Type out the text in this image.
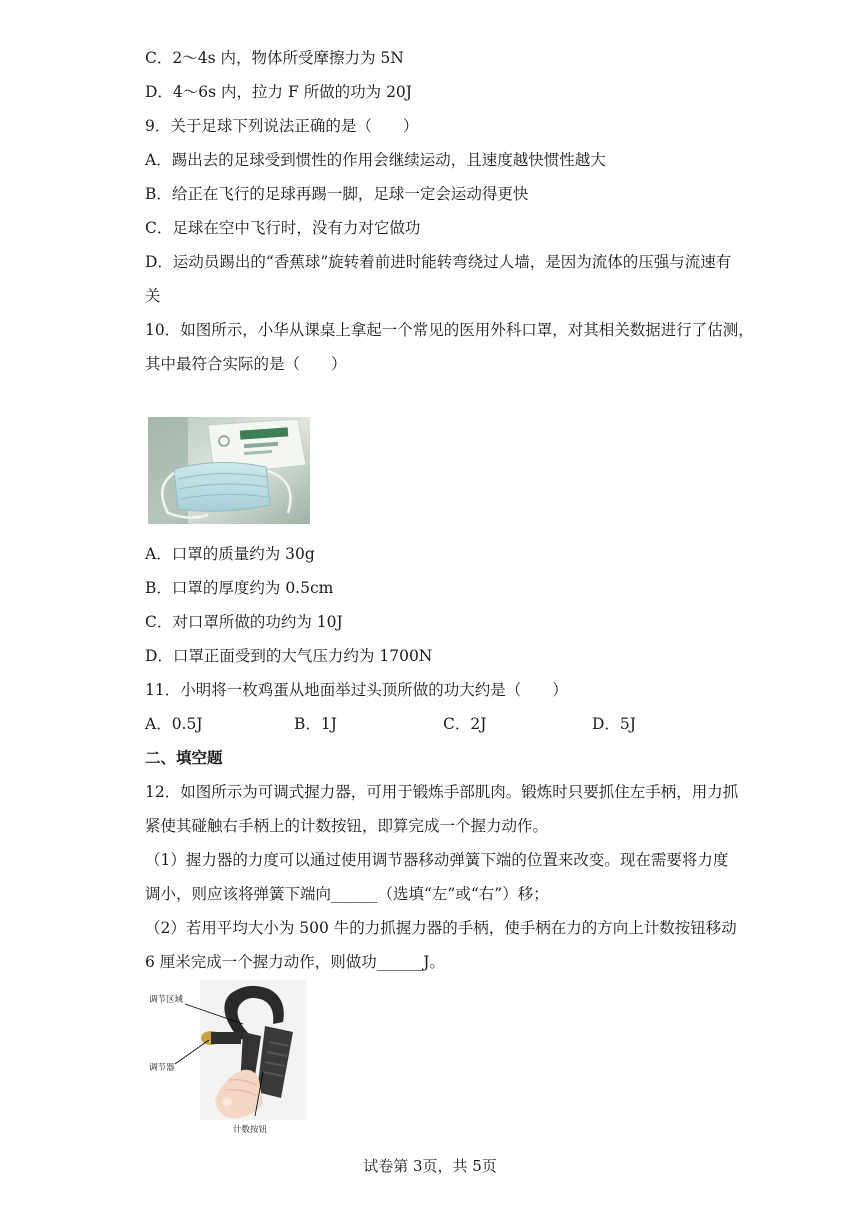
C．2～4s 内，物体所受摩擦力为 5N
D．4～6s 内，拉力 F 所做的功为 20J
9．关于足球下列说法正确的是（　　）
A．踢出去的足球受到惯性的作用会继续运动，且速度越快惯性越大
B．给正在飞行的足球再踢一脚，足球一定会运动得更快
C．足球在空中飞行时，没有力对它做功
D．运动员踢出的“香蕉球”旋转着前进时能转弯绕过人墙，是因为流体的压强与流速有
关
10．如图所示，小华从课桌上拿起一个常见的医用外科口罩，对其相关数据进行了估测，
其中最符合实际的是（　　）
A．口罩的质量约为 30g
B．口罩的厚度约为 0.5cm
C．对口罩所做的功约为 10J
D．口罩正面受到的大气压力约为 1700N
11．小明将一枚鸡蛋从地面举过头顶所做的功大约是（　　）
A．0.5J	B．1J	C．2J	D．5J
二、填空题
12．如图所示为可调式握力器，可用于锻炼手部肌肉。锻炼时只要抓住左手柄，用力抓
紧使其碰触右手柄上的计数按钮，即算完成一个握力动作。
（1）握力器的力度可以通过使用调节器移动弹簧下端的位置来改变。现在需要将力度
调小，则应该将弹簧下端向______（选填“左”或“右”）移；
（2）若用平均大小为 500 牛的力抓握力器的手柄，使手柄在力的方向上计数按钮移动
6 厘米完成一个握力动作，则做功______J。
调节区域
调节器
计数按钮
试卷第 3页，共 5页
